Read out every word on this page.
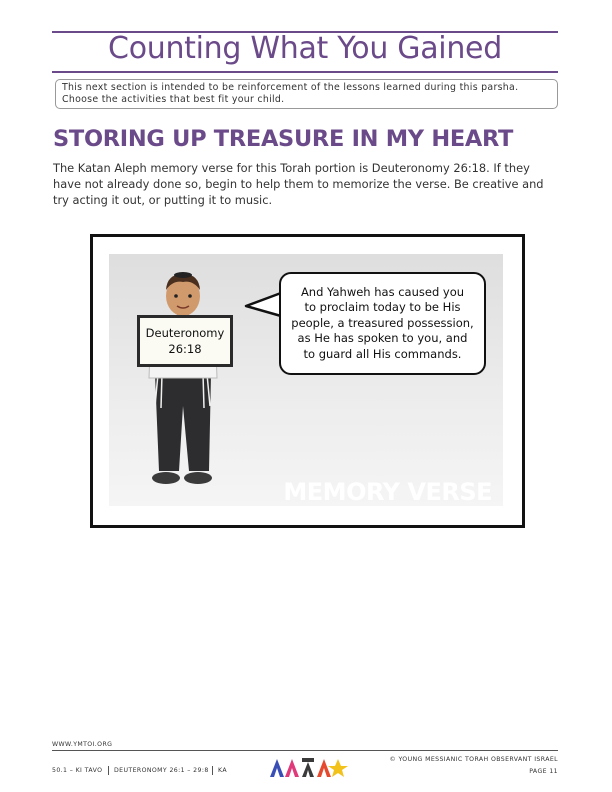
Counting What You Gained
This next section is intended to be reinforcement of the lessons learned during this parsha. Choose the activities that best fit your child.
STORING UP TREASURE IN MY HEART
The Katan Aleph memory verse for this Torah portion is Deuteronomy 26:18. If they have not already done so, begin to help them to memorize the verse. Be creative and try acting it out, or putting it to music.
Deuteronomy
26:18
And Yahweh has caused you
to proclaim today to be His
people, a treasured possession,
as He has spoken to you, and
to guard all His commands.
MEMORY VERSE
WWW.YMTOI.ORG
50.1 – KI TAVO DEUTERONOMY 26:1 – 29:8 KA
© YOUNG MESSIANIC TORAH OBSERVANT ISRAEL
PAGE 11
